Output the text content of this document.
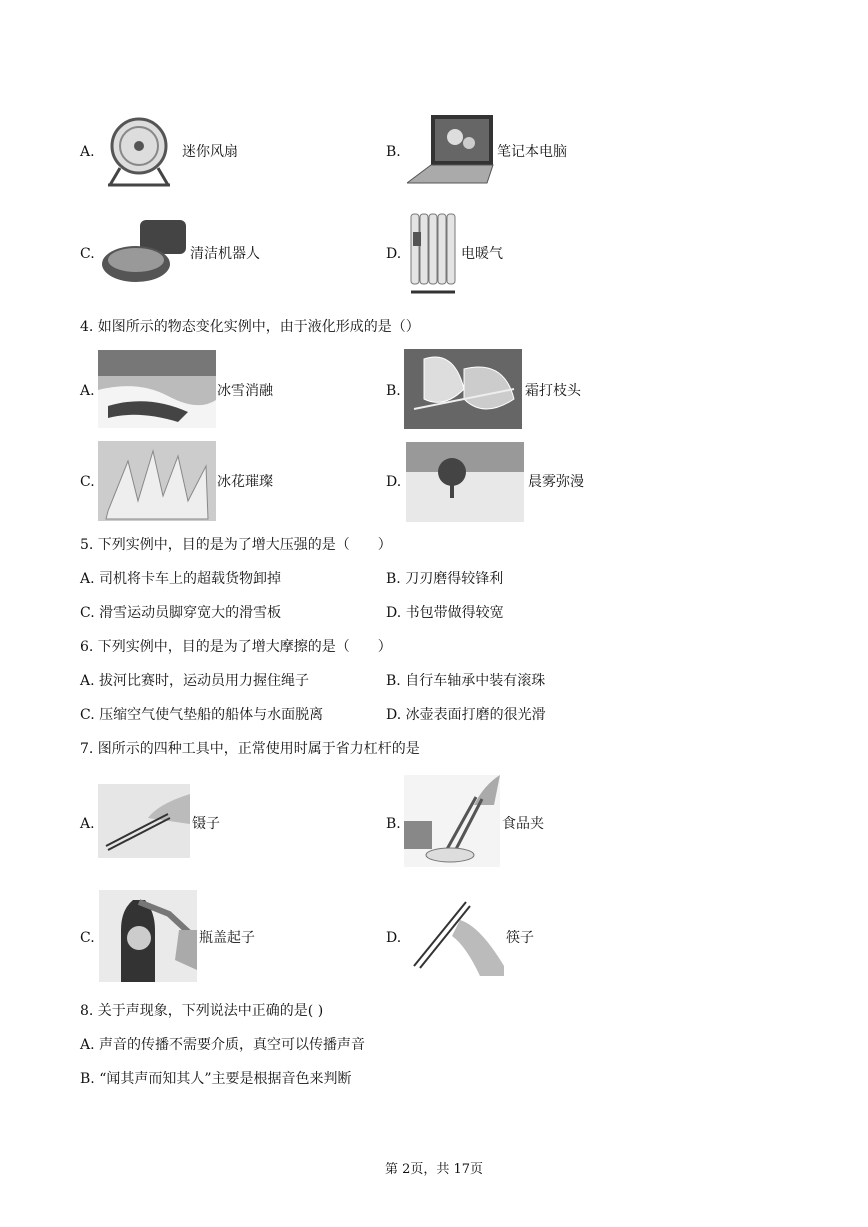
A.	迷你风扇	B.	笔记本电脑
C.	清洁机器人	D.	电暖气
4. 如图所示的物态变化实例中，由于液化形成的是（）
A.	冰雪消融	B.	霜打枝头
C.	冰花璀璨	D.	晨雾弥漫
5. 下列实例中，目的是为了增大压强的是（　　）
A. 司机将卡车上的超载货物卸掉	B. 刀刃磨得较锋利
C. 滑雪运动员脚穿宽大的滑雪板	D. 书包带做得较宽
6. 下列实例中，目的是为了增大摩擦的是（　　）
A. 拔河比赛时，运动员用力握住绳子	B. 自行车轴承中装有滚珠
C. 压缩空气使气垫船的船体与水面脱离	D. 冰壶表面打磨的很光滑
7. 图所示的四种工具中，正常使用时属于省力杠杆的是
A.	镊子	B.	食品夹
C.	瓶盖起子	D.	筷子
8. 关于声现象，下列说法中正确的是( )
A. 声音的传播不需要介质，真空可以传播声音
B. “闻其声而知其人”主要是根据音色来判断
第 2页，共 17页
